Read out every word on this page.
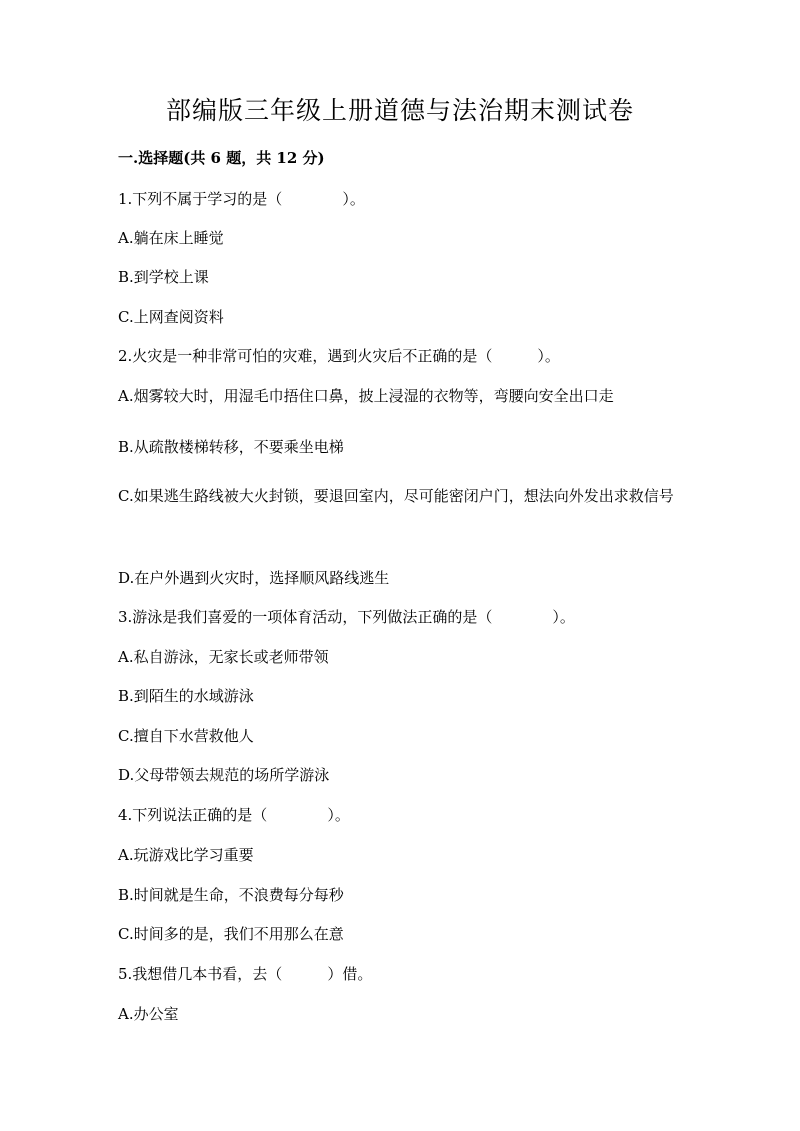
部编版三年级上册道德与法治期末测试卷
一.选择题(共 6 题，共 12 分)
1.下列不属于学习的是（　　　　）。
A.躺在床上睡觉
B.到学校上课
C.上网查阅资料
2.火灾是一种非常可怕的灾难，遇到火灾后不正确的是（　　　）。
A.烟雾较大时，用湿毛巾捂住口鼻，披上浸湿的衣物等，弯腰向安全出口走
B.从疏散楼梯转移，不要乘坐电梯
C.如果逃生路线被大火封锁，要退回室内，尽可能密闭户门，想法向外发出求救信号
D.在户外遇到火灾时，选择顺风路线逃生
3.游泳是我们喜爱的一项体育活动，下列做法正确的是（　　　　）。
A.私自游泳，无家长或老师带领
B.到陌生的水域游泳
C.擅自下水营救他人
D.父母带领去规范的场所学游泳
4.下列说法正确的是（　　　　）。
A.玩游戏比学习重要
B.时间就是生命，不浪费每分每秒
C.时间多的是，我们不用那么在意
5.我想借几本书看，去（　　　）借。
A.办公室
